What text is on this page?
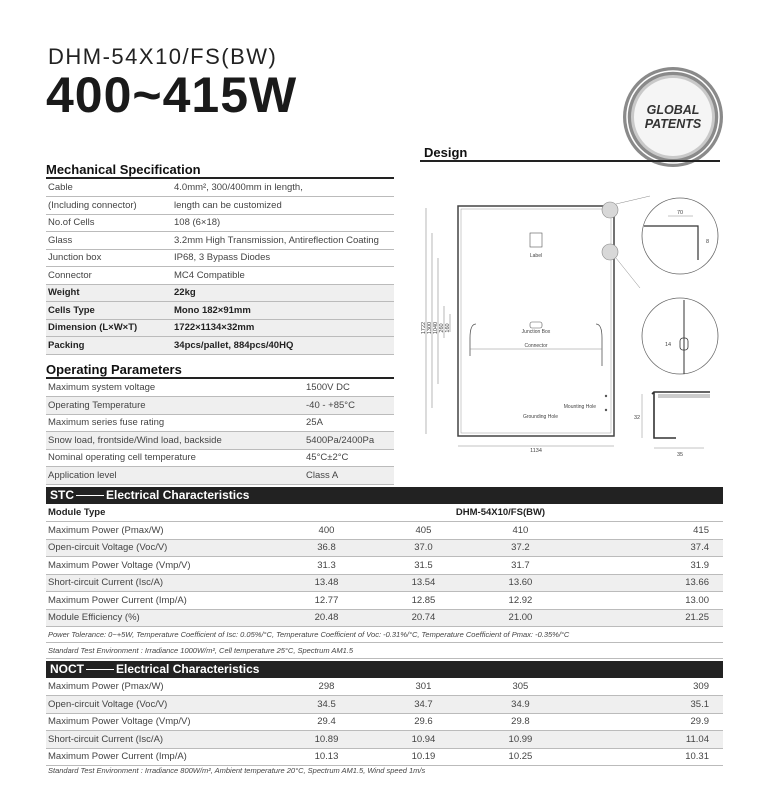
DHM-54X10/FS(BW)
400~415W	GLOBAL
PATENTS
Mechanical Specification
Cable	4.0mm², 300/400mm in length,
(Including connector)	length can be customized
No.of Cells	108 (6×18)
Glass	3.2mm High Transmission, Antireflection Coating
Junction box	IP68, 3 Bypass Diodes
Connector	MC4 Compatible
Weight	22kg
Cells Type	Mono 182×91mm
Dimension (L×W×T)	1722×1134×32mm
Packing	34pcs/pallet, 884pcs/40HQ
Operating Parameters
Maximum system voltage	1500V DC
Operating Temperature	-40 - +85°C
Maximum series fuse rating	25A
Snow load, frontside/Wind load, backside	5400Pa/2400Pa
Nominal operating cell temperature	45°C±2°C
Application level	Class A
Design
1722 1300 1040 260 160
1134
Label
Junction Box
Connector
Mounting Hole
Grounding Hole
70
8
14
32
35
STC	Electrical Characteristics
Module Type	DHM-54X10/FS(BW)			
Maximum Power (Pmax/W)	400	405	410	415
Open-circuit Voltage (Voc/V)	36.8	37.0	37.2	37.4
Maximum Power Voltage (Vmp/V)	31.3	31.5	31.7	31.9
Short-circuit Current (Isc/A)	13.48	13.54	13.60	13.66
Maximum Power Current (Imp/A)	12.77	12.85	12.92	13.00
Module Efficiency (%)	20.48	20.74	21.00	21.25
Power Tolerance: 0~+5W, Temperature Coefficient of Isc: 0.05%/°C, Temperature Coefficient of Voc: -0.31%/°C, Temperature Coefficient of Pmax: -0.35%/°C
Standard Test Environment : Irradiance 1000W/m², Cell temperature 25°C, Spectrum AM1.5
NOCT	Electrical Characteristics
Maximum Power (Pmax/W)	298	301	305	309
Open-circuit Voltage (Voc/V)	34.5	34.7	34.9	35.1
Maximum Power Voltage (Vmp/V)	29.4	29.6	29.8	29.9
Short-circuit Current (Isc/A)	10.89	10.94	10.99	11.04
Maximum Power Current (Imp/A)	10.13	10.19	10.25	10.31
Standard Test Environment : Irradiance 800W/m², Ambient temperature 20°C, Spectrum AM1.5, Wind speed 1m/s
